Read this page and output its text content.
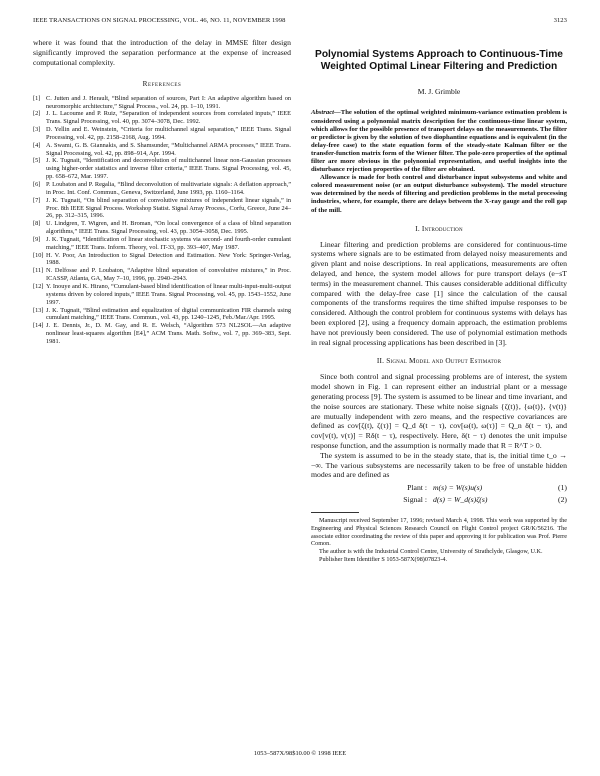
IEEE TRANSACTIONS ON SIGNAL PROCESSING, VOL. 46, NO. 11, NOVEMBER 1998	3123

where it was found that the introduction of the delay in MMSE filter design significantly improved the separation performance at the expense of increased computational complexity.

References
[1] C. Jutten and J. Herault, “Blind separation of sources, Part I: An adaptive algorithm based on neuromorphic architecture,” Signal Process., vol. 24, pp. 1–10, 1991.
[2] J. L. Lacoume and P. Ruiz, “Separation of independent sources from correlated inputs,” IEEE Trans. Signal Processing, vol. 40, pp. 3074–3078, Dec. 1992.
[3] D. Yellin and E. Weinstein, “Criteria for multichannel signal separation,” IEEE Trans. Signal Processing, vol. 42, pp. 2158–2168, Aug. 1994.
[4] A. Swami, G. B. Giannakis, and S. Shamsunder, “Multichannel ARMA processes,” IEEE Trans. Signal Processing, vol. 42, pp. 898–914, Apr. 1994.
[5] J. K. Tugnait, “Identification and deconvolution of multichannel linear non-Gaussian processes using higher-order statistics and inverse filter criteria,” IEEE Trans. Signal Processing, vol. 45, pp. 658–672, Mar. 1997.
[6] P. Loubaton and P. Regalia, “Blind deconvolution of multivariate signals: A deflation approach,” in Proc. Int. Conf. Commun., Geneva, Switzerland, June 1993, pp. 1160–1164.
[7] J. K. Tugnait, “On blind separation of convolutive mixtures of independent linear signals,” in Proc. 8th IEEE Signal Process. Workshop Statist. Signal Array Process., Corfu, Greece, June 24–26, pp. 312–315, 1996.
[8] U. Lindgren, T. Wigren, and H. Broman, “On local convergence of a class of blind separation algorithms,” IEEE Trans. Signal Processing, vol. 43, pp. 3054–3058, Dec. 1995.
[9] J. K. Tugnait, “Identification of linear stochastic systems via second- and fourth-order cumulant matching,” IEEE Trans. Inform. Theory, vol. IT-33, pp. 393–407, May 1987.
[10] H. V. Poor, An Introduction to Signal Detection and Estimation. New York: Springer-Verlag, 1988.
[11] N. Delfosse and P. Loubaton, “Adaptive blind separation of convolutive mixtures,” in Proc. ICASSP, Atlanta, GA, May 7–10, 1996, pp. 2940–2943.
[12] Y. Inouye and K. Hirano, “Cumulant-based blind identification of linear multi-input-multi-output systems driven by colored inputs,” IEEE Trans. Signal Processing, vol. 45, pp. 1543–1552, June 1997.
[13] J. K. Tugnait, “Blind estimation and equalization of digital communication FIR channels using cumulant matching,” IEEE Trans. Commun., vol. 43, pp. 1240–1245, Feb./Mar./Apr. 1995.
[14] J. E. Dennis, Jr., D. M. Gay, and R. E. Welsch, “Algorithm 573 NL2SOL—An adaptive nonlinear least-squares algorithm [E4],” ACM Trans. Math. Softw., vol. 7, pp. 369–383, Sept. 1981.
Polynomial Systems Approach to Continuous-Time Weighted Optimal Linear Filtering and Prediction
M. J. Grimble

Abstract—The solution of the optimal weighted minimum-variance estimation problem is considered using a polynomial matrix description for the continuous-time linear system, which allows for the possible presence of transport delays on the measurements. The filter or predictor is given by the solution of two diophantine equations and is equivalent (in the delay-free case) to the state equation form of the steady-state Kalman filter or the transfer-function matrix form of the Wiener filter. The pole-zero properties of the optimal filter are more obvious in the polynomial representation, and useful insights into the disturbance rejection properties of the filter are obtained.

Allowance is made for both control and disturbance input subsystems and white and colored measurement noise (or an output disturbance subsystem). The model structure was determined by the needs of filtering and prediction problems in the metal processing industries, where, for example, there are delays between the X-ray gauge and the roll gap of the mill.

I. Introduction

Linear filtering and prediction problems are considered for continuous-time systems where signals are to be estimated from delayed noisy measurements and given plant and noise descriptions. In real applications, measurements are often delayed, and hence, the system model allows for pure transport delays (e−sT terms) in the measurement channel. This causes considerable additional difficulty compared with the delay-free case [1] since the calculation of the causal components of the transforms requires the time shifted impulse responses to be considered. Although the control problem for continuous systems with delays has been explored [2], using a frequency domain approach, the estimation problems have not previously been considered. The use of polynomial estimation methods in real signal processing applications has been described in [3].

II. Signal Model and Output Estimator

Since both control and signal processing problems are of interest, the system model shown in Fig. 1 can represent either an industrial plant or a message generating process [9]. The system is assumed to be linear and time invariant, and the noise sources are stationary. These white noise signals {ζ(t)}, {ω(t)}, {v(t)} are mutually independent with zero means, and the respective covariances are defined as cov[ζ(t), ζ(τ)] = Q_d δ(t − τ), cov[ω(t), ω(τ)] = Q_n δ(t − τ), and cov[v(t), v(τ)] = Rδ(t − τ), respectively. Here, δ(t − τ) denotes the unit impulse response function, and the assumption is normally made that R = R^T > 0.

The system is assumed to be in the steady state, that is, the initial time t_o → −∞. The various subsystems are necessarily taken to be free of unstable hidden modes and are defined as

Plant : m(s) = W(s)u(s)	(1)
Signal : d(s) = W_d(s)ζ(s)	(2)

Manuscript received September 17, 1996; revised March 4, 1998. This work was supported by the Engineering and Physical Sciences Research Council on Flight Control project GR/K/56216. The associate editor coordinating the review of this paper and approving it for publication was Prof. Pierre Comon.

The author is with the Industrial Control Centre, University of Strathclyde, Glasgow, U.K.

Publisher Item Identifier S 1053-587X(98)07823-4.

1053–587X/98$10.00 © 1998 IEEE
